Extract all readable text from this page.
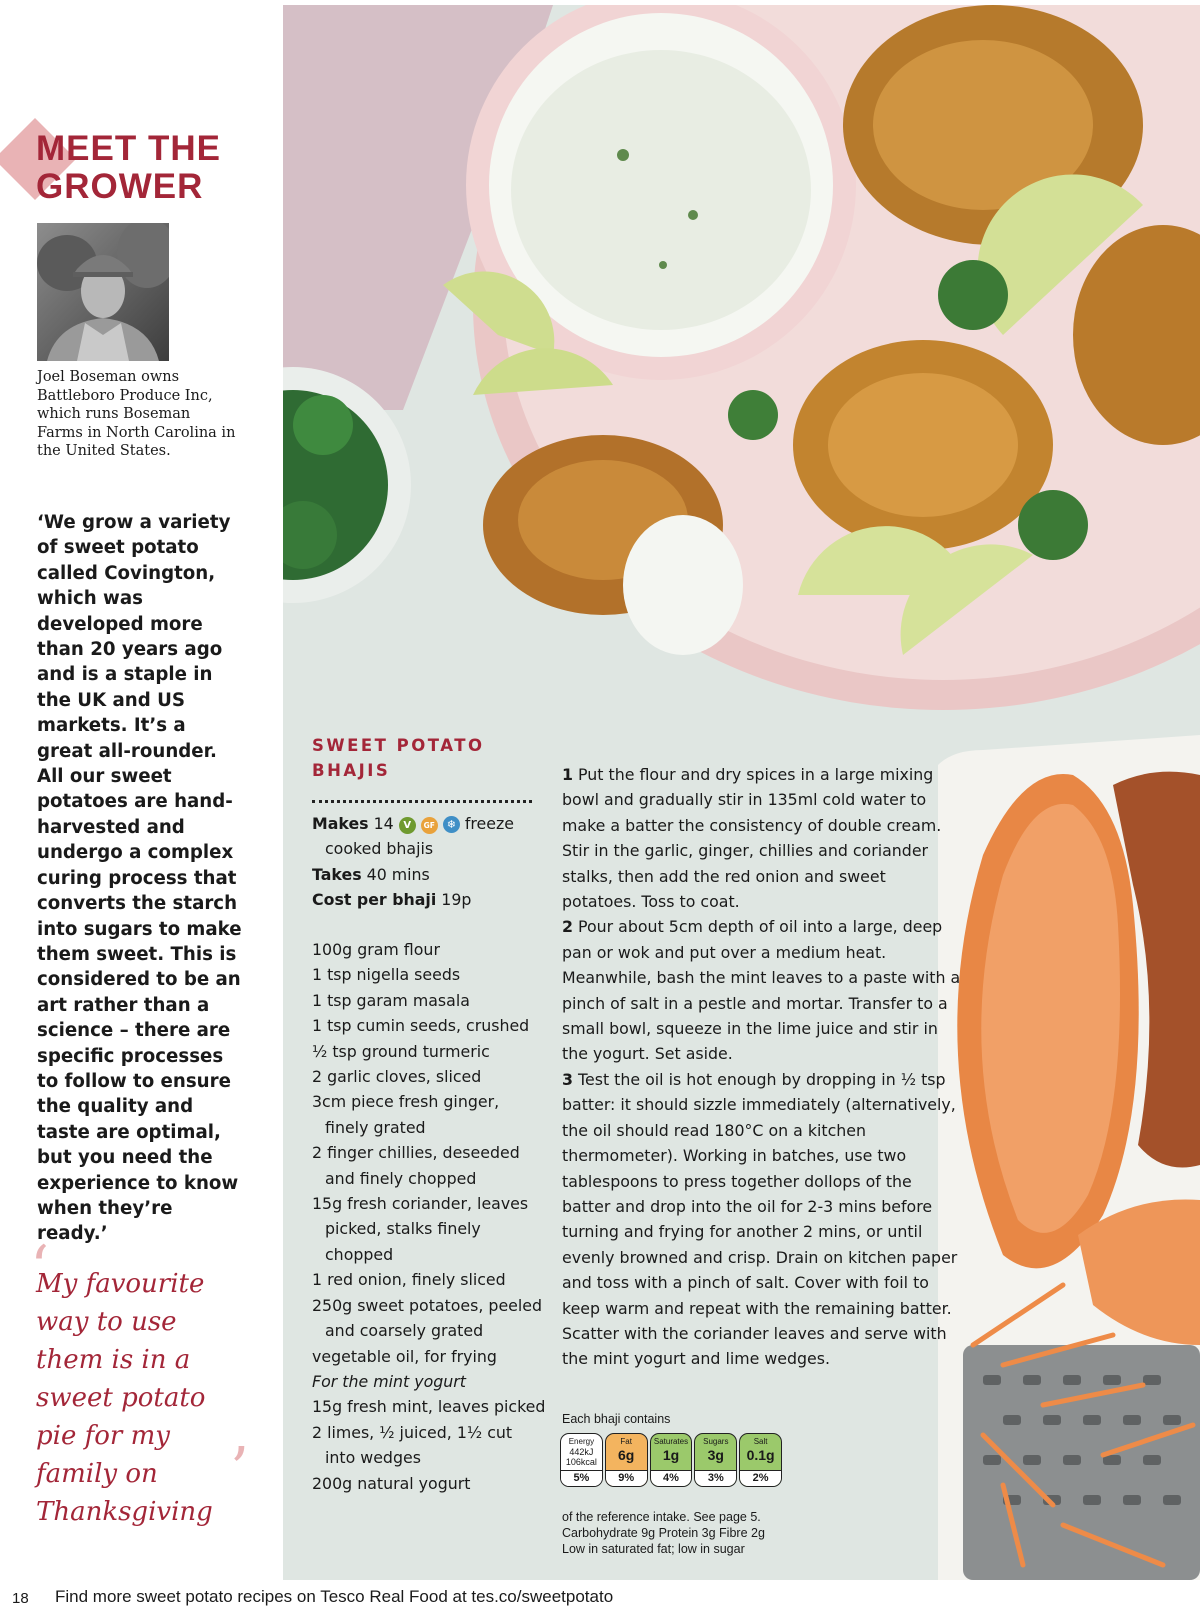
MEET THE
GROWER

Joel Boseman owns Battleboro Produce Inc, which runs Boseman Farms in North Carolina in the United States.

‘We grow a variety of sweet potato called Covington, which was developed more than 20 years ago and is a staple in the UK and US markets. It’s a great all-rounder. All our sweet potatoes are hand-harvested and undergo a complex curing process that converts the starch into sugars to make them sweet. This is considered to be an art rather than a science – there are specific processes to follow to ensure the quality and taste are optimal, but you need the experience to know when they’re ready.’

‘

My favourite way to use them is in a sweet potato pie for my family on Thanksgiving

’
SWEET POTATO
BHAJIS
Makes 14 V GF ❄ freeze
cooked bhajis
Takes 40 mins
Cost per bhaji 19p
100g gram flour
1 tsp nigella seeds
1 tsp garam masala
1 tsp cumin seeds, crushed
½ tsp ground turmeric
2 garlic cloves, sliced
3cm piece fresh ginger, finely grated
2 finger chillies, deseeded and finely chopped
15g fresh coriander, leaves picked, stalks finely chopped
1 red onion, finely sliced
250g sweet potatoes, peeled and coarsely grated
vegetable oil, for frying
For the mint yogurt
15g fresh mint, leaves picked
2 limes, ½ juiced, 1½ cut into wedges
200g natural yogurt
1 Put the flour and dry spices in a large mixing bowl and gradually stir in 135ml cold water to make a batter the consistency of double cream. Stir in the garlic, ginger, chillies and coriander stalks, then add the red onion and sweet potatoes. Toss to coat.
2 Pour about 5cm depth of oil into a large, deep pan or wok and put over a medium heat. Meanwhile, bash the mint leaves to a paste with a pinch of salt in a pestle and mortar. Transfer to a small bowl, squeeze in the lime juice and stir in the yogurt. Set aside.
3 Test the oil is hot enough by dropping in ½ tsp batter: it should sizzle immediately (alternatively, the oil should read 180°C on a kitchen thermometer). Working in batches, use two tablespoons to press together dollops of the batter and drop into the oil for 2-3 mins before turning and frying for another 2 mins, or until evenly browned and crisp. Drain on kitchen paper and toss with a pinch of salt. Cover with foil to keep warm and repeat with the remaining batter. Scatter with the coriander leaves and serve with the mint yogurt and lime wedges.
Each bhaji contains
Energy
442kJ
106kcal
5%
Fat
6g
9%
Saturates
1g
4%
Sugars
3g
3%
Salt
0.1g
2%
of the reference intake. See page 5.
Carbohydrate 9g Protein 3g Fibre 2g
Low in saturated fat; low in sugar
18 Find more sweet potato recipes on Tesco Real Food at tes.co/sweetpotato
